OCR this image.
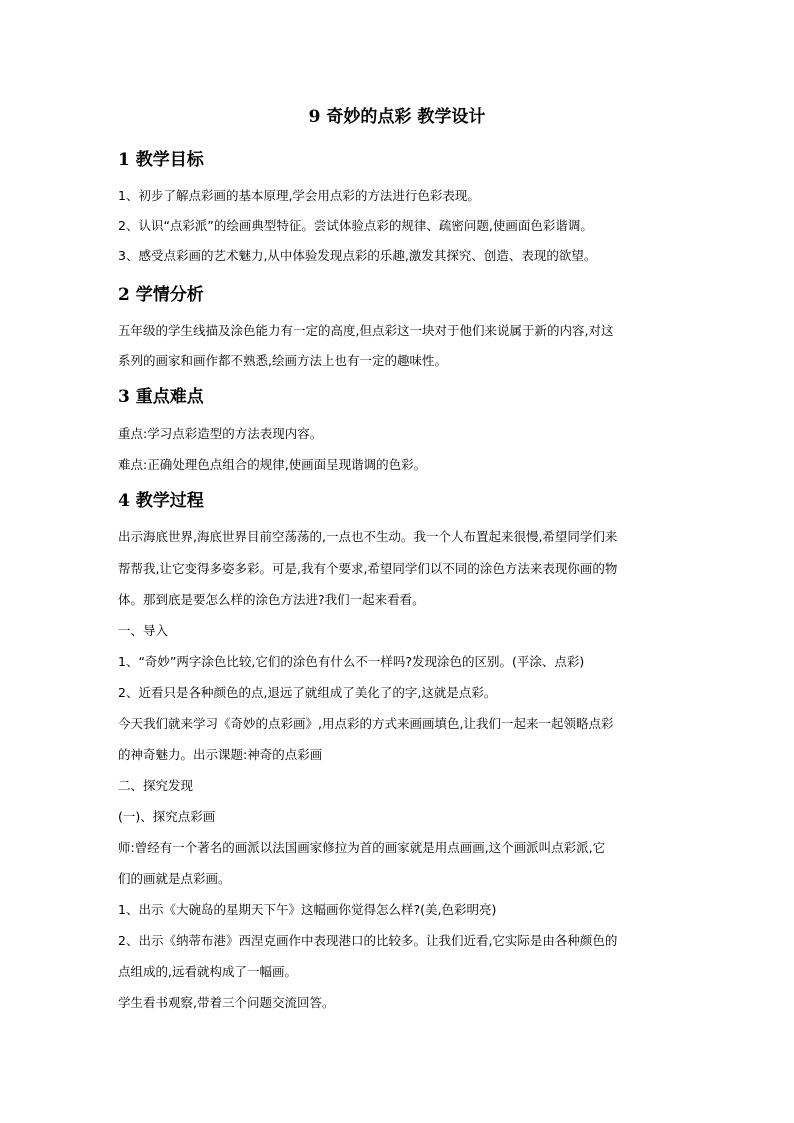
9 奇妙的点彩 教学设计
1 教学目标
1、初步了解点彩画的基本原理,学会用点彩的方法进行色彩表现。
2、认识“点彩派”的绘画典型特征。尝试体验点彩的规律、疏密问题,使画面色彩谐调。
3、感受点彩画的艺术魅力,从中体验发现点彩的乐趣,激发其探究、创造、表现的欲望。
2 学情分析
五年级的学生线描及涂色能力有一定的高度,但点彩这一块对于他们来说属于新的内容,对这
系列的画家和画作都不熟悉,绘画方法上也有一定的趣味性。
3 重点难点
重点:学习点彩造型的方法表现内容。
难点:正确处理色点组合的规律,使画面呈现谐调的色彩。
4 教学过程
出示海底世界,海底世界目前空荡荡的,一点也不生动。我一个人布置起来很慢,希望同学们来
帮帮我,让它变得多姿多彩。可是,我有个要求,希望同学们以不同的涂色方法来表现你画的物
体。那到底是要怎么样的涂色方法进?我们一起来看看。
一、导入
1、“奇妙”两字涂色比较,它们的涂色有什么不一样吗?发现涂色的区别。(平涂、点彩)
2、近看只是各种颜色的点,退远了就组成了美化了的字,这就是点彩。
今天我们就来学习《奇妙的点彩画》,用点彩的方式来画画填色,让我们一起来一起领略点彩
的神奇魅力。出示课题:神奇的点彩画
二、探究发现
(一)、探究点彩画
师:曾经有一个著名的画派以法国画家修拉为首的画家就是用点画画,这个画派叫点彩派,它
们的画就是点彩画。
1、出示《大碗岛的星期天下午》这幅画你觉得怎么样?(美,色彩明亮)
2、出示《纳蒂布港》西涅克画作中表现港口的比较多。让我们近看,它实际是由各种颜色的
点组成的,远看就构成了一幅画。
学生看书观察,带着三个问题交流回答。
